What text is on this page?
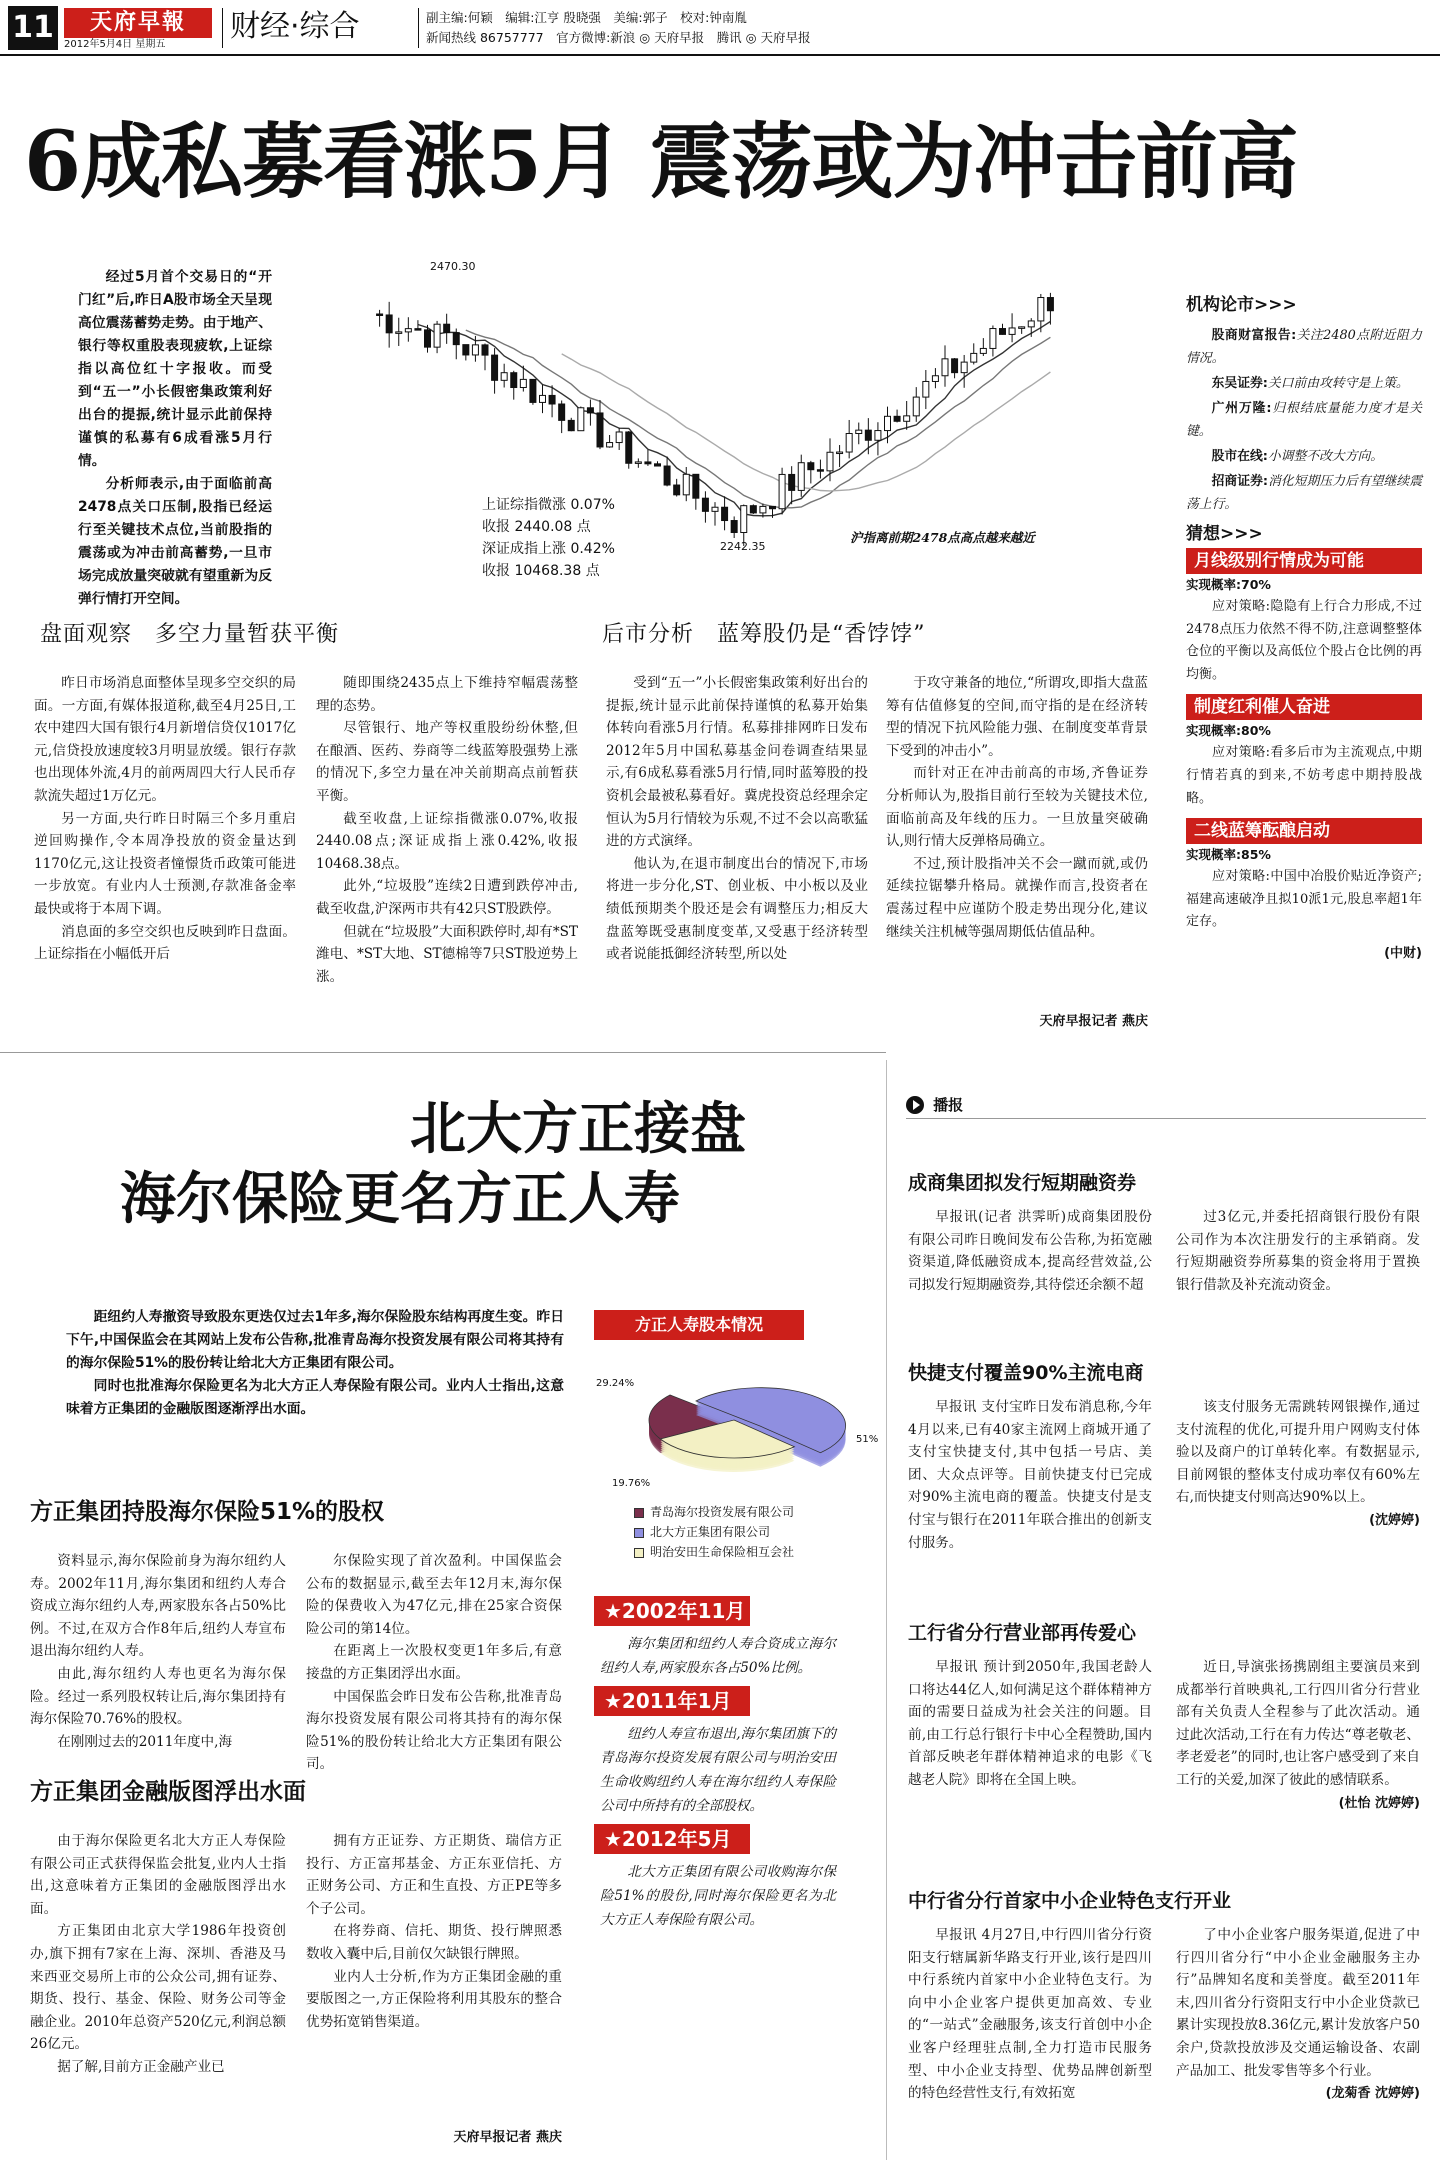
11	天府早報
2012年5月4日 星期五
财经·综合	副主编:何颖　编辑:江亨 殷晓强　美编:郭子　校对:钟南胤
新闻热线 86757777　官方微博:新浪 ◎ 天府早报　腾讯 ◎ 天府早报
6成私募看涨5月 震荡或为冲击前高

经过5月首个交易日的“开门红”后,昨日A股市场全天呈现高位震荡蓄势走势。由于地产、银行等权重股表现疲软,上证综指以高位红十字报收。而受到“五一”小长假密集政策利好出台的提振,统计显示此前保持谨慎的私募有6成看涨5月行情。

分析师表示,由于面临前高2478点关口压制,股指已经运行至关键技术点位,当前股指的震荡或为冲击前高蓄势,一旦市场完成放量突破就有望重新为反弹行情打开空间。

2470.30
2242.35
沪指离前期2478点高点越来越近
上证综指微涨 0.07%
收报 2440.08 点
深证成指上涨 0.42%
收报 10468.38 点
盘面观察　多空力量暂获平衡	后市分析　蓝筹股仍是“香饽饽”

昨日市场消息面整体呈现多空交织的局面。一方面,有媒体报道称,截至4月25日,工农中建四大国有银行4月新增信贷仅1017亿元,信贷投放速度较3月明显放缓。银行存款也出现体外流,4月的前两周四大行人民币存款流失超过1万亿元。

另一方面,央行昨日时隔三个多月重启逆回购操作,令本周净投放的资金量达到1170亿元,这让投资者憧憬货币政策可能进一步放宽。有业内人士预测,存款准备金率最快或将于本周下调。

消息面的多空交织也反映到昨日盘面。上证综指在小幅低开后

随即围绕2435点上下维持窄幅震荡整理的态势。

尽管银行、地产等权重股纷纷休整,但在酿酒、医药、券商等二线蓝筹股强势上涨的情况下,多空力量在冲关前期高点前暂获平衡。

截至收盘,上证综指微涨0.07%,收报2440.08点;深证成指上涨0.42%,收报10468.38点。

此外,“垃圾股”连续2日遭到跌停冲击,截至收盘,沪深两市共有42只ST股跌停。

但就在“垃圾股”大面积跌停时,却有*ST潍电、*ST大地、ST德棉等7只ST股逆势上涨。

受到“五一”小长假密集政策利好出台的提振,统计显示此前保持谨慎的私募开始集体转向看涨5月行情。私募排排网昨日发布2012年5月中国私募基金问卷调查结果显示,有6成私募看涨5月行情,同时蓝筹股的投资机会最被私募看好。冀虎投资总经理余定恒认为5月行情较为乐观,不过不会以高歌猛进的方式演绎。

他认为,在退市制度出台的情况下,市场将进一步分化,ST、创业板、中小板以及业绩低预期类个股还是会有调整压力;相反大盘蓝筹既受惠制度变革,又受惠于经济转型或者说能抵御经济转型,所以处

于攻守兼备的地位,“所谓攻,即指大盘蓝筹有估值修复的空间,而守指的是在经济转型的情况下抗风险能力强、在制度变革背景下受到的冲击小”。

而针对正在冲击前高的市场,齐鲁证券分析师认为,股指目前行至较为关键技术位,面临前高及年线的压力。一旦放量突破确认,则行情大反弹格局确立。

不过,预计股指冲关不会一蹴而就,或仍延续拉锯攀升格局。就操作而言,投资者在震荡过程中应谨防个股走势出现分化,建议继续关注机械等强周期低估值品种。

天府早报记者 燕庆
机构论市>>>
股商财富报告:关注2480点附近阻力情况。
东吴证券:关口前由攻转守是上策。
广州万隆:归根结底量能力度才是关键。
股市在线:小调整不改大方向。
招商证券:消化短期压力后有望继续震荡上行。
猜想>>>
月线级别行情成为可能
实现概率:70%
应对策略:隐隐有上行合力形成,不过2478点压力依然不得不防,注意调整整体仓位的平衡以及高低位个股占仓比例的再均衡。
制度红利催人奋进
实现概率:80%
应对策略:看多后市为主流观点,中期行情若真的到来,不妨考虑中期持股战略。
二线蓝筹酝酿启动
实现概率:85%
应对策略:中国中冶股价贴近净资产;福建高速破净且拟10派1元,股息率超1年定存。
(中财)
北大方正接盘
海尔保险更名方正人寿

距纽约人寿撤资导致股东更迭仅过去1年多,海尔保险股东结构再度生变。昨日下午,中国保监会在其网站上发布公告称,批准青岛海尔投资发展有限公司将其持有的海尔保险51%的股份转让给北大方正集团有限公司。

同时也批准海尔保险更名为北大方正人寿保险有限公司。业内人士指出,这意味着方正集团的金融版图逐渐浮出水面。

方正集团持股海尔保险51%的股权

资料显示,海尔保险前身为海尔纽约人寿。2002年11月,海尔集团和纽约人寿合资成立海尔纽约人寿,两家股东各占50%比例。不过,在双方合作8年后,纽约人寿宣布退出海尔纽约人寿。

由此,海尔纽约人寿也更名为海尔保险。经过一系列股权转让后,海尔集团持有海尔保险70.76%的股权。

在刚刚过去的2011年度中,海

尔保险实现了首次盈利。中国保监会公布的数据显示,截至去年12月末,海尔保险的保费收入为47亿元,排在25家合资保险公司的第14位。

在距离上一次股权变更1年多后,有意接盘的方正集团浮出水面。

中国保监会昨日发布公告称,批准青岛海尔投资发展有限公司将其持有的海尔保险51%的股份转让给北大方正集团有限公司。

方正集团金融版图浮出水面

由于海尔保险更名北大方正人寿保险有限公司正式获得保监会批复,业内人士指出,这意味着方正集团的金融版图浮出水面。

方正集团由北京大学1986年投资创办,旗下拥有7家在上海、深圳、香港及马来西亚交易所上市的公众公司,拥有证券、期货、投行、基金、保险、财务公司等金融企业。2010年总资产520亿元,利润总额26亿元。

据了解,目前方正金融产业已

拥有方正证券、方正期货、瑞信方正投行、方正富邦基金、方正东亚信托、方正财务公司、方正和生直投、方正PE等多个子公司。

在将券商、信托、期货、投行牌照悉数收入囊中后,目前仅欠缺银行牌照。

业内人士分析,作为方正集团金融的重要版图之一,方正保险将利用其股东的整合优势拓宽销售渠道。

天府早报记者 燕庆
方正人寿股本情况
29.24%
51%
19.76%
青岛海尔投资发展有限公司
北大方正集团有限公司
明治安田生命保险相互会社
★2002年11月
海尔集团和纽约人寿合资成立海尔纽约人寿,两家股东各占50%比例。
★2011年1月
纽约人寿宣布退出,海尔集团旗下的青岛海尔投资发展有限公司与明治安田生命收购纽约人寿在海尔纽约人寿保险公司中所持有的全部股权。
★2012年5月
北大方正集团有限公司收购海尔保险51%的股份,同时海尔保险更名为北大方正人寿保险有限公司。
播报
成商集团拟发行短期融资券
早报讯(记者 洪霁昕)成商集团股份有限公司昨日晚间发布公告称,为拓宽融资渠道,降低融资成本,提高经营效益,公司拟发行短期融资券,其待偿还余额不超
过3亿元,并委托招商银行股份有限公司作为本次注册发行的主承销商。发行短期融资券所募集的资金将用于置换银行借款及补充流动资金。
快捷支付覆盖90%主流电商
早报讯 支付宝昨日发布消息称,今年4月以来,已有40家主流网上商城开通了支付宝快捷支付,其中包括一号店、美团、大众点评等。目前快捷支付已完成对90%主流电商的覆盖。快捷支付是支付宝与银行在2011年联合推出的创新支付服务。
该支付服务无需跳转网银操作,通过支付流程的优化,可提升用户网购支付体验以及商户的订单转化率。有数据显示,目前网银的整体支付成功率仅有60%左右,而快捷支付则高达90%以上。
(沈婷婷)
工行省分行营业部再传爱心
早报讯 预计到2050年,我国老龄人口将达44亿人,如何满足这个群体精神方面的需要日益成为社会关注的问题。目前,由工行总行银行卡中心全程赞助,国内首部反映老年群体精神追求的电影《飞越老人院》即将在全国上映。
近日,导演张扬携剧组主要演员来到成都举行首映典礼,工行四川省分行营业部有关负责人全程参与了此次活动。通过此次活动,工行在有力传达“尊老敬老、孝老爱老”的同时,也让客户感受到了来自工行的关爱,加深了彼此的感情联系。
(杜怡 沈婷婷)
中行省分行首家中小企业特色支行开业
早报讯 4月27日,中行四川省分行资阳支行辖属新华路支行开业,该行是四川中行系统内首家中小企业特色支行。为向中小企业客户提供更加高效、专业的“一站式”金融服务,该支行首创中小企业客户经理驻点制,全力打造市民服务型、中小企业支持型、优势品牌创新型的特色经营性支行,有效拓宽
了中小企业客户服务渠道,促进了中行四川省分行“中小企业金融服务主办行”品牌知名度和美誉度。截至2011年末,四川省分行资阳支行中小企业贷款已累计实现投放8.36亿元,累计发放客户50余户,贷款投放涉及交通运输设备、农副产品加工、批发零售等多个行业。
(龙菊香 沈婷婷)
